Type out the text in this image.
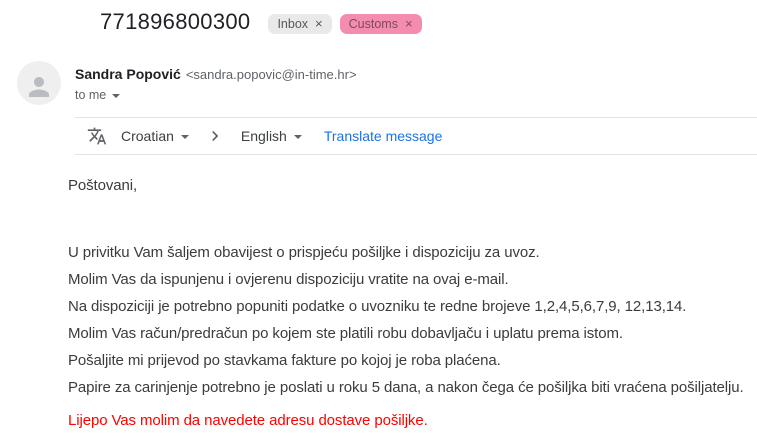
771896800300 Inbox × Customs ×
Sandra Popović <sandra.popovic@in-time.hr>
to me
Croatian	English	Translate message
Poštovani,
U privitku Vam šaljem obavijest o prispjeću pošiljke i dispoziciju za uvoz.
Molim Vas da ispunjenu i ovjerenu dispoziciju vratite na ovaj e-mail.
Na dispoziciji je potrebno popuniti podatke o uvozniku te redne brojeve 1,2,4,5,6,7,9, 12,13,14.
Molim Vas račun/predračun po kojem ste platili robu dobavljaču i uplatu prema istom.
Pošaljite mi prijevod po stavkama fakture po kojoj je roba plaćena.
Papire za carinjenje potrebno je poslati u roku 5 dana, a nakon čega će pošiljka biti vraćena pošiljatelju.
Lijepo Vas molim da navedete adresu dostave pošiljke.
